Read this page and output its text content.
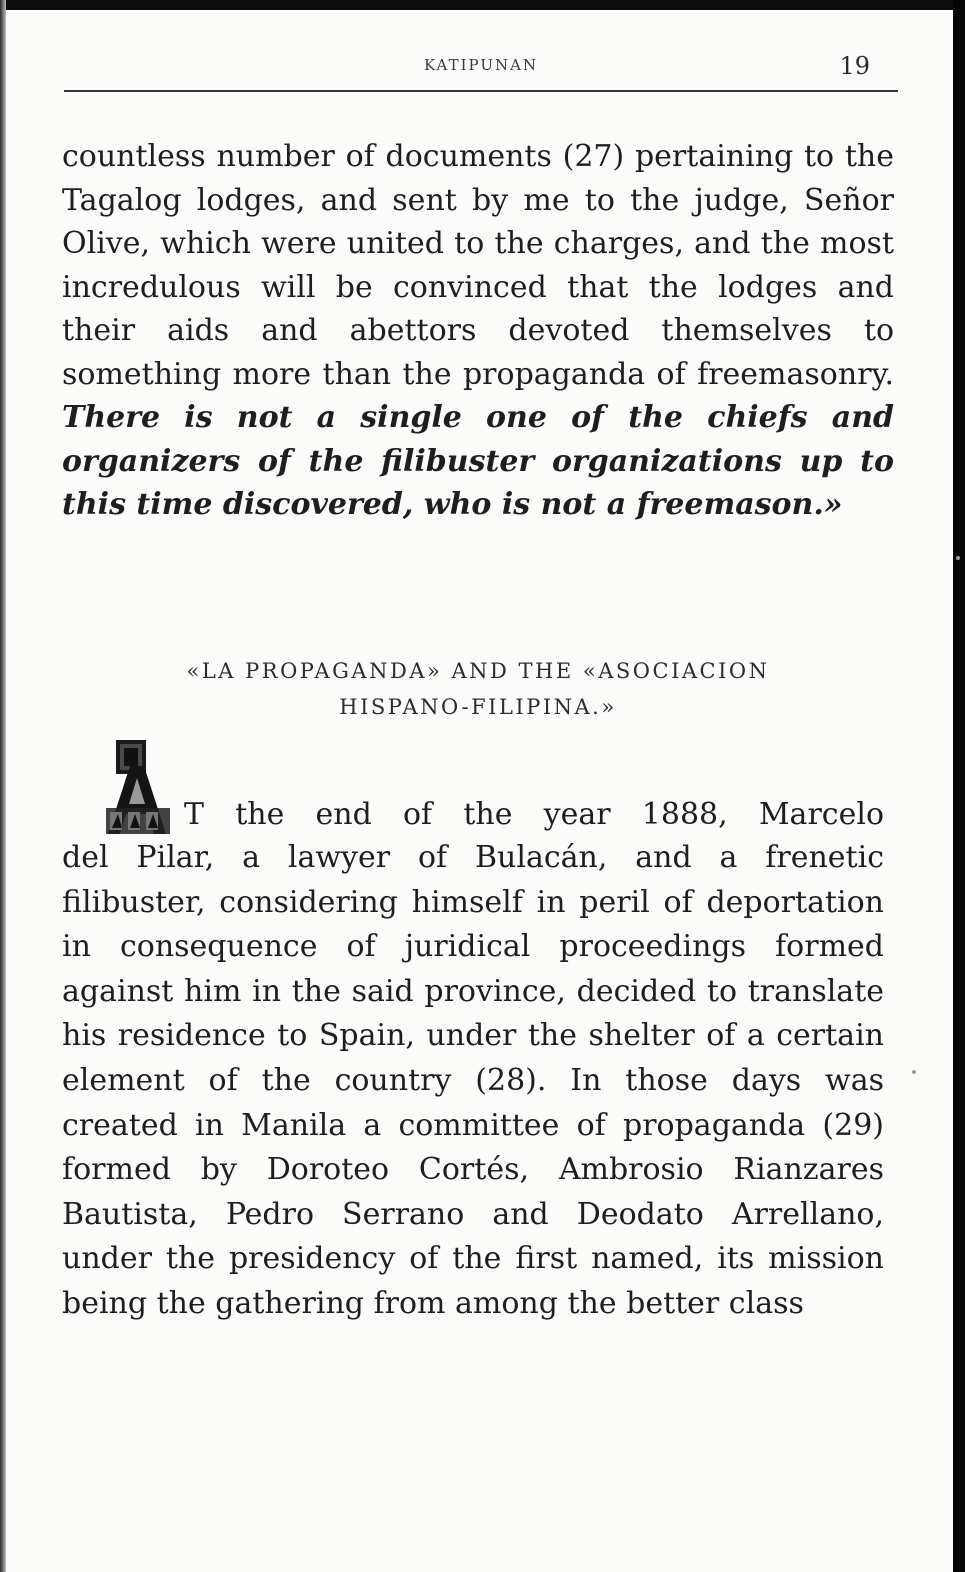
KATIPUNAN	19
countless number of documents (27) pertaining to the Tagalog lodges, and sent by me to the judge, Señor Olive, which were united to the charges, and the most incredulous will be convinced that the lodges and their aids and abettors devoted themselves to something more than the propaganda of freemasonry. There is not a single one of the chiefs and organizers of the filibuster organizations up to this time discovered, who is not a freemason.»
«LA PROPAGANDA» AND THE «ASOCIACION
HISPANO-FILIPINA.»
T the end of the year 1888, Marcelo
del Pilar, a lawyer of Bulacán, and a frenetic filibuster, considering himself in peril of deportation in consequence of juridical proceedings formed against him in the said province, decided to translate his residence to Spain, under the shelter of a certain element of the country (28). In those days was created in Manila a committee of propaganda (29) formed by Doroteo Cortés, Ambrosio Rianzares Bautista, Pedro Serrano and Deodato Arrellano, under the presidency of the first named, its mission being the gathering from among the better class
